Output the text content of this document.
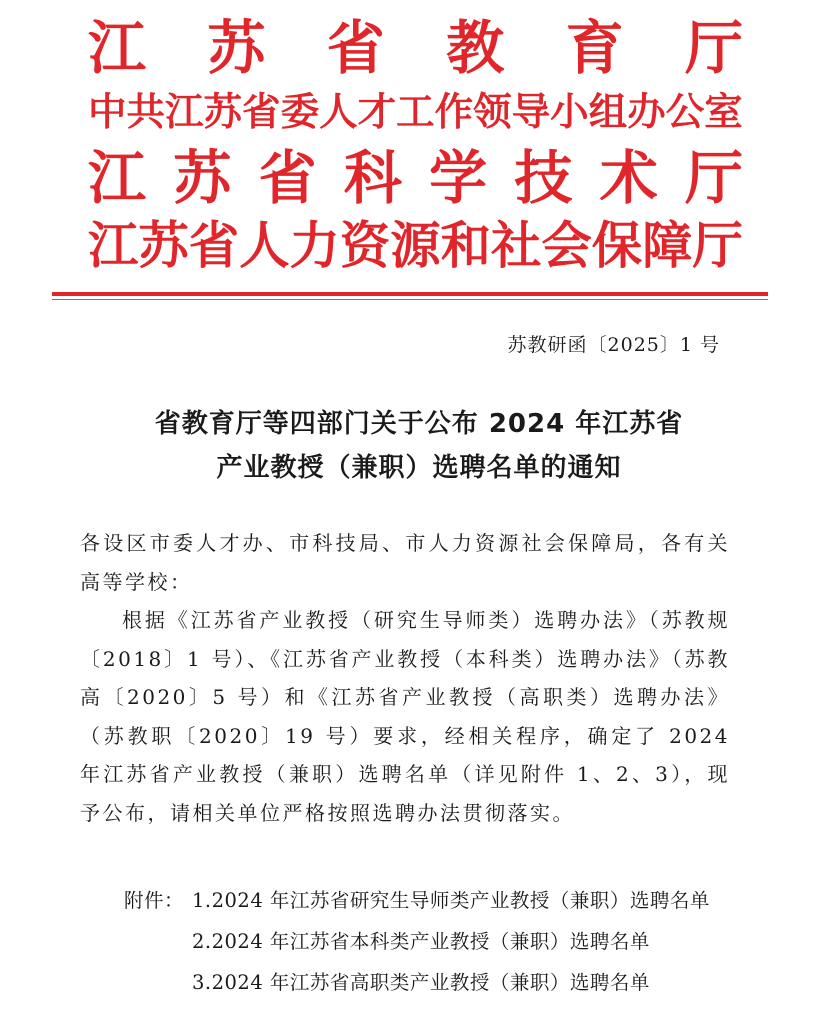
江苏省教育厅
中共江苏省委人才工作领导小组办公室
江苏省科学技术厅
江苏省人力资源和社会保障厅
苏教研函〔2025〕1 号
省教育厅等四部门关于公布 2024 年江苏省
产业教授（兼职）选聘名单的通知

各设区市委人才办、市科技局、市人力资源社会保障局，各有关高等学校：

根据《江苏省产业教授（研究生导师类）选聘办法》（苏教规〔2018〕1 号）、《江苏省产业教授（本科类）选聘办法》（苏教高〔2020〕5 号）和《江苏省产业教授（高职类）选聘办法》（苏教职〔2020〕19 号）要求，经相关程序，确定了 2024 年江苏省产业教授（兼职）选聘名单（详见附件 1、2、3），现予公布，请相关单位严格按照选聘办法贯彻落实。

附件： 1.2024 年江苏省研究生导师类产业教授（兼职）选聘名单
2.2024 年江苏省本科类产业教授（兼职）选聘名单
3.2024 年江苏省高职类产业教授（兼职）选聘名单
